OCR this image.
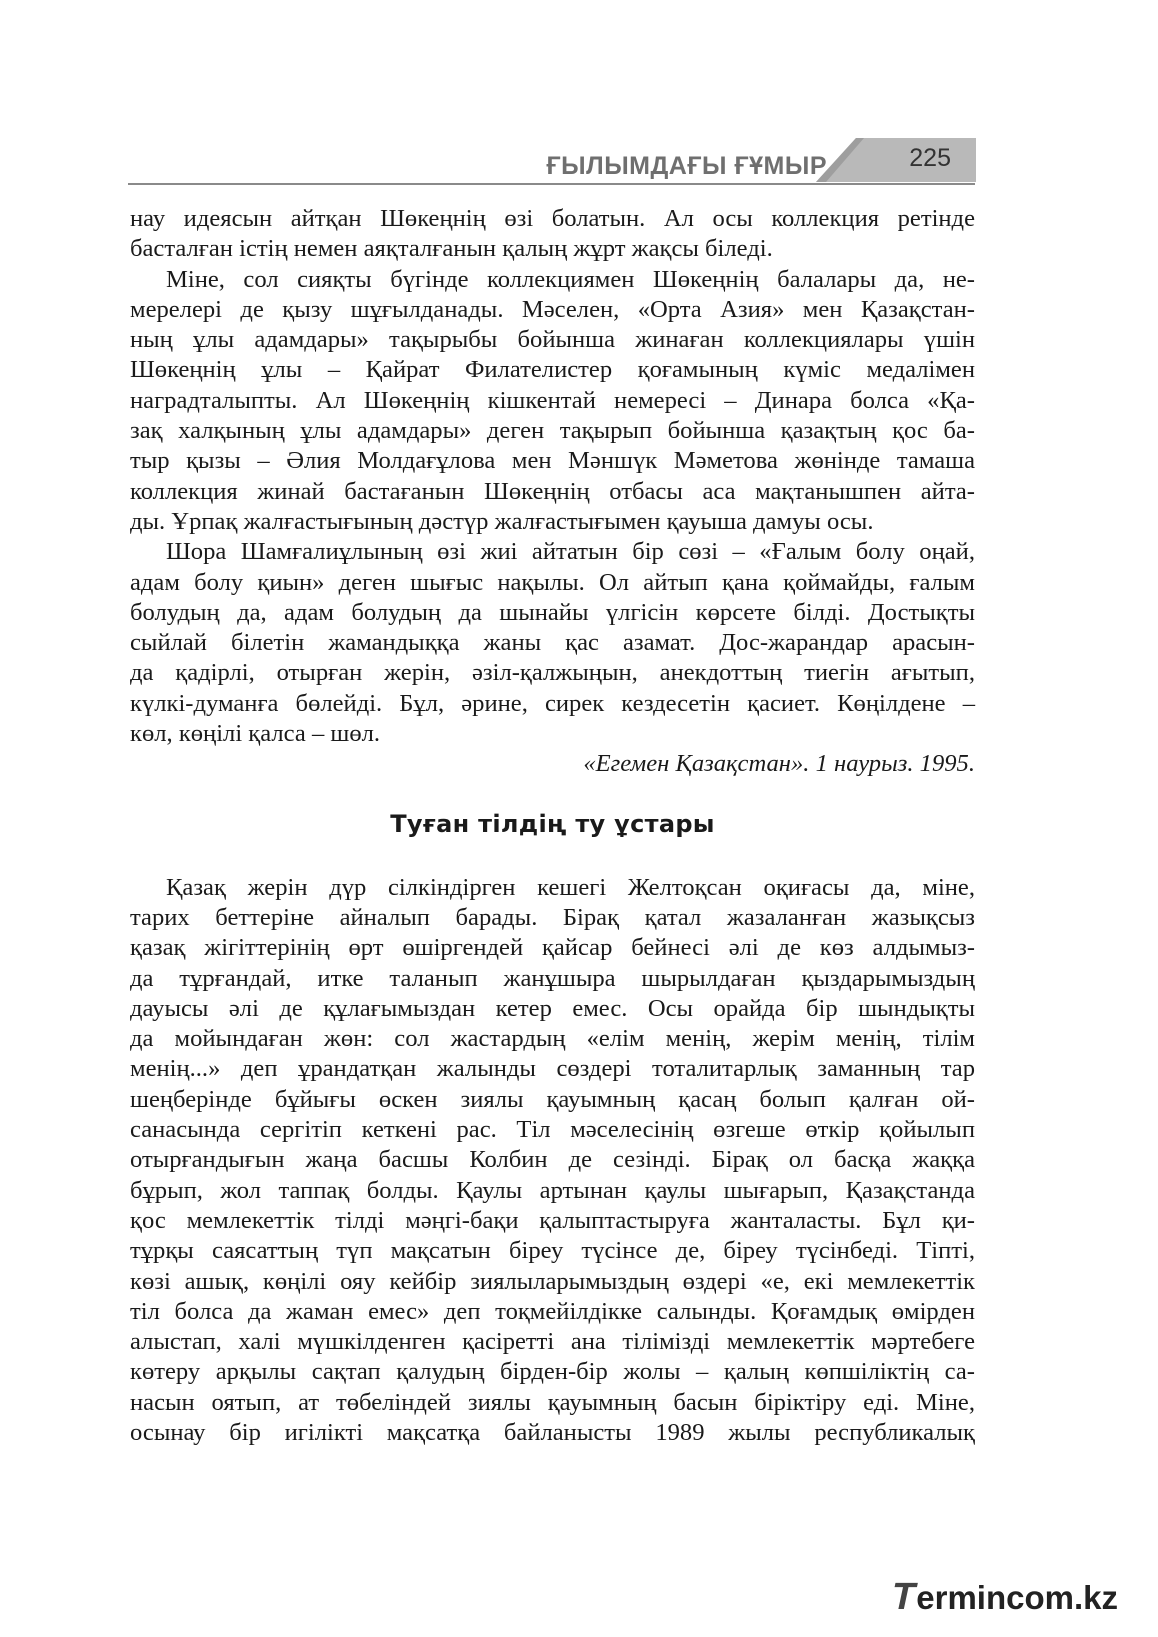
ҒЫЛЫМДАҒЫ ҒҰМЫР	225

нау идеясын айтқан Шөкеңнің өзі болатын. Ал осы коллекция ретінде

басталған істің немен аяқталғанын қалың жұрт жақсы біледі.

Міне, сол сияқты бүгінде коллекциямен Шөкеңнің балалары да, не-

мерелері де қызу шұғылданады. Мәселен, «Орта Азия» мен Қазақстан-

ның ұлы адамдары» тақырыбы бойынша жинаған коллекциялары үшін

Шөкеңнің ұлы – Қайрат Филателистер қоғамының күміс медалімен

наградталыпты. Ал Шөкеңнің кішкентай немересі – Динара болса «Қа-

зақ халқының ұлы адамдары» деген тақырып бойынша қазақтың қос ба-

тыр қызы – Әлия Молдағұлова мен Мәншүк Мәметова жөнінде тамаша

коллекция жинай бастағанын Шөкеңнің отбасы аса мақтанышпен айта-

ды. Ұрпақ жалғастығының дәстүр жалғастығымен қауыша дамуы осы.

Шора Шамғалиұлының өзі жиі айтатын бір сөзі – «Ғалым болу оңай,

адам болу қиын» деген шығыс нақылы. Ол айтып қана қоймайды, ғалым

болудың да, адам болудың да шынайы үлгісін көрсете білді. Достықты

сыйлай білетін жамандыққа жаны қас азамат. Дос-жарандар арасын-

да қадірлі, отырған жерін, әзіл-қалжыңын, анекдоттың тиегін ағытып,

күлкі-думанға бөлейді. Бұл, әрине, сирек кездесетін қасиет. Көңілдене –

көл, көңілі қалса – шөл.

«Егемен Қазақстан». 1 наурыз. 1995.

Туған тілдің ту ұстары

Қазақ жерін дүр сілкіндірген кешегі Желтоқсан оқиғасы да, міне,

тарих беттеріне айналып барады. Бірақ қатал жазаланған жазықсыз

қазақ жігіттерінің өрт өшіргендей қайсар бейнесі әлі де көз алдымыз-

да тұрғандай, итке таланып жанұшыра шырылдаған қыздарымыздың

дауысы әлі де құлағымыздан кетер емес. Осы орайда бір шындықты

да мойындаған жөн: сол жастардың «елім менің, жерім менің, тілім

менің...» деп ұрандатқан жалынды сөздері тоталитарлық заманның тар

шеңберінде бұйығы өскен зиялы қауымның қасаң болып қалған ой-

санасында сергітіп кеткені рас. Тіл мәселесінің өзгеше өткір қойылып

отырғандығын жаңа басшы Колбин де сезінді. Бірақ ол басқа жаққа

бұрып, жол таппақ болды. Қаулы артынан қаулы шығарып, Қазақстанда

қос мемлекеттік тілді мәңгі-бақи қалыптастыруға жанталасты. Бұл қи-

тұрқы саясаттың түп мақсатын біреу түсінсе де, біреу түсінбеді. Тіпті,

көзі ашық, көңілі ояу кейбір зиялыларымыздың өздері «е, екі мемлекеттік

тіл болса да жаман емес» деп тоқмейілдікке салынды. Қоғамдық өмірден

алыстап, халі мүшкілденген қасіретті ана тілімізді мемлекеттік мәртебеге

көтеру арқылы сақтап қалудың бірден-бір жолы – қалың көпшіліктің са-

насын оятып, ат төбеліндей зиялы қауымның басын біріктіру еді. Міне,

осынау бір игілікті мақсатқа байланысты 1989 жылы республикалық

Termincom.kz
